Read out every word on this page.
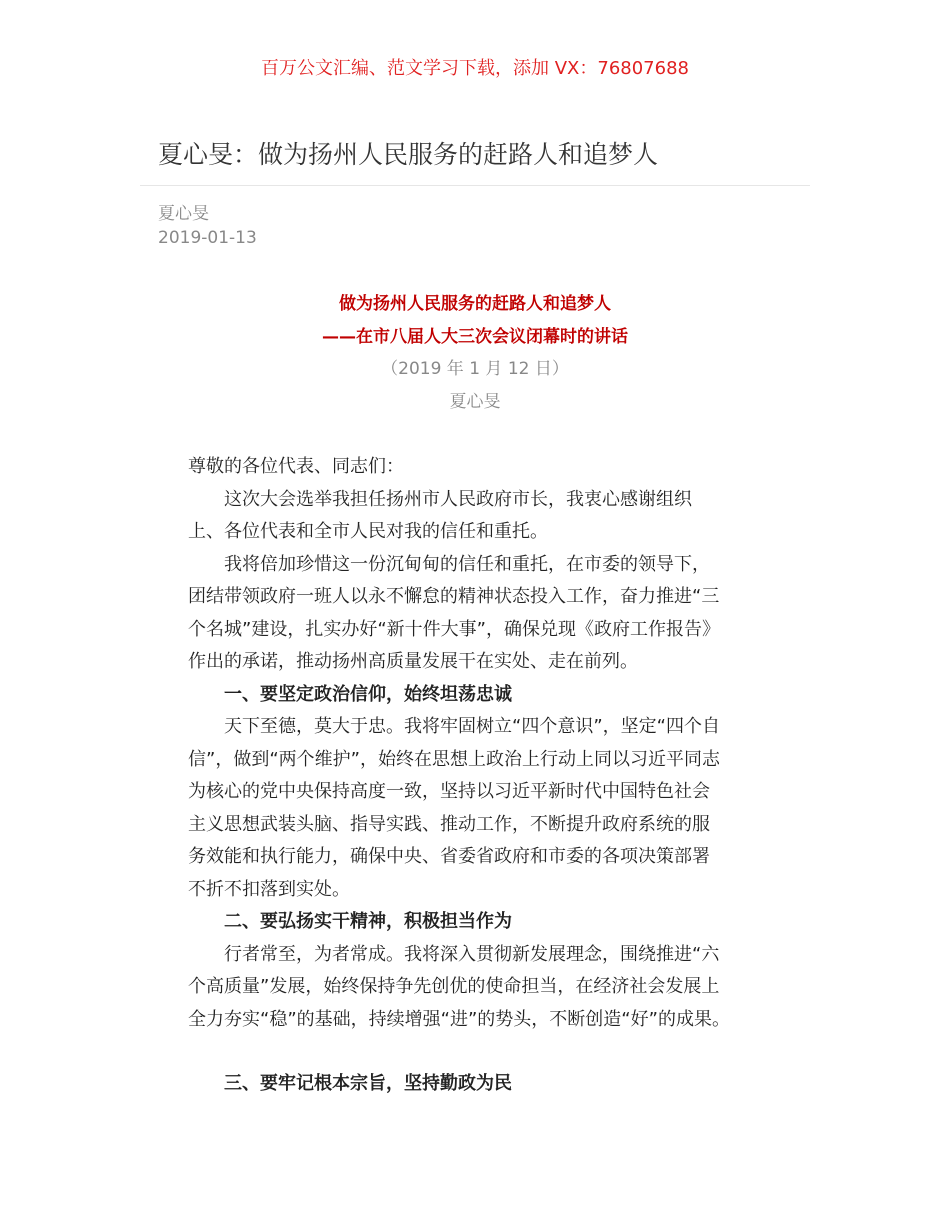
百万公文汇编、范文学习下载，添加 VX：76807688
夏心旻：做为扬州人民服务的赶路人和追梦人
夏心旻
2019-01-13
做为扬州人民服务的赶路人和追梦人
——在市八届人大三次会议闭幕时的讲话
（2019 年 1 月 12 日）
夏心旻
尊敬的各位代表、同志们：
这次大会选举我担任扬州市人民政府市长，我衷心感谢组织
上、各位代表和全市人民对我的信任和重托。
我将倍加珍惜这一份沉甸甸的信任和重托，在市委的领导下，
团结带领政府一班人以永不懈怠的精神状态投入工作，奋力推进“三
个名城”建设，扎实办好“新十件大事”，确保兑现《政府工作报告》
作出的承诺，推动扬州高质量发展干在实处、走在前列。
一、要坚定政治信仰，始终坦荡忠诚
天下至德，莫大于忠。我将牢固树立“四个意识”，坚定“四个自
信”，做到“两个维护”，始终在思想上政治上行动上同以习近平同志
为核心的党中央保持高度一致，坚持以习近平新时代中国特色社会
主义思想武装头脑、指导实践、推动工作，不断提升政府系统的服
务效能和执行能力，确保中央、省委省政府和市委的各项决策部署
不折不扣落到实处。
二、要弘扬实干精神，积极担当作为
行者常至，为者常成。我将深入贯彻新发展理念，围绕推进“六
个高质量”发展，始终保持争先创优的使命担当，在经济社会发展上
全力夯实“稳”的基础，持续增强“进”的势头，不断创造“好”的成果。
三、要牢记根本宗旨，坚持勤政为民
